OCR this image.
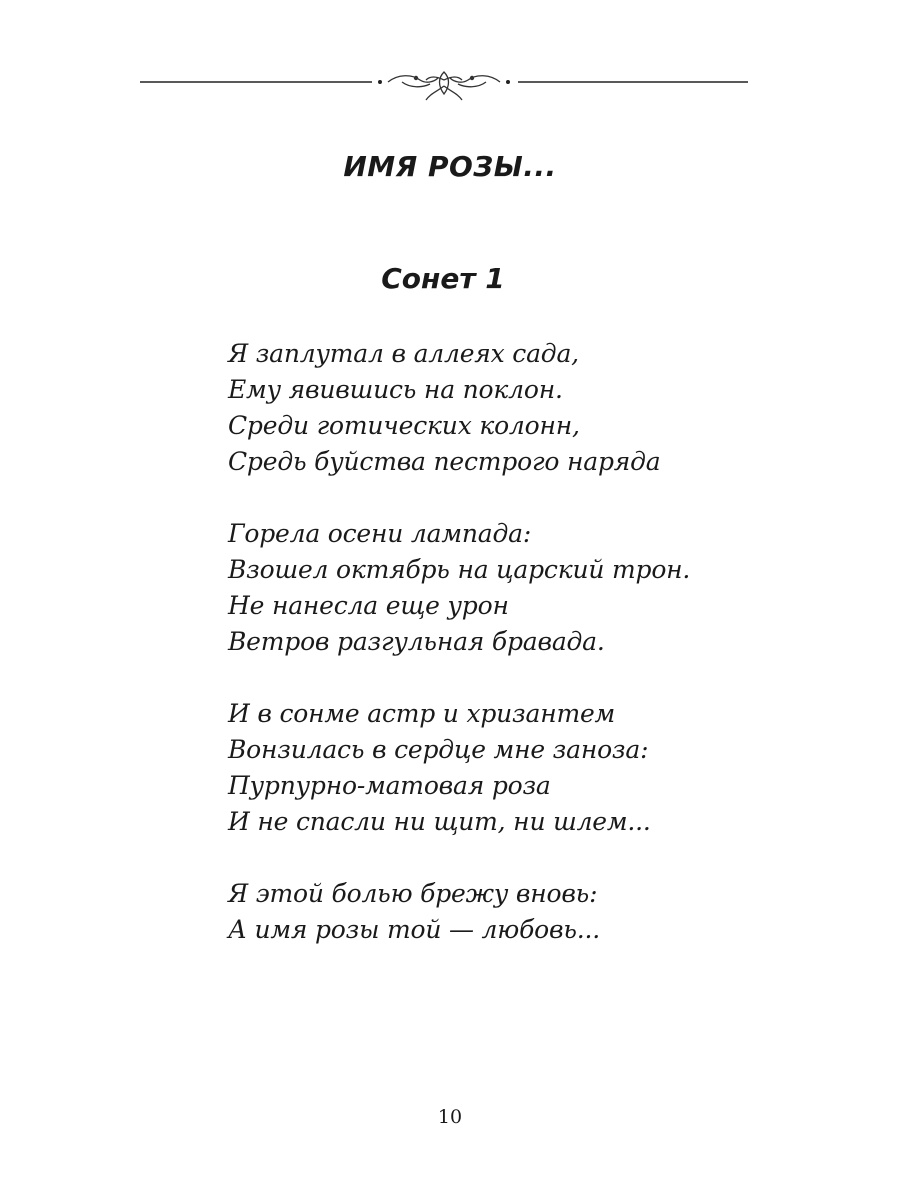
ИМЯ РОЗЫ...
Сонет 1
Я заплутал в аллеях сада,
Ему явившись на поклон.
Среди готических колонн,
Средь буйства пестрого наряда
Горела осени лампада:
Взошел октябрь на царский трон.
Не нанесла еще урон
Ветров разгульная бравада.
И в сонме астр и хризантем
Вонзилась в сердце мне заноза:
Пурпурно-матовая роза
И не спасли ни щит, ни шлем...
Я этой болью брежу вновь:
А имя розы той — любовь...
10
